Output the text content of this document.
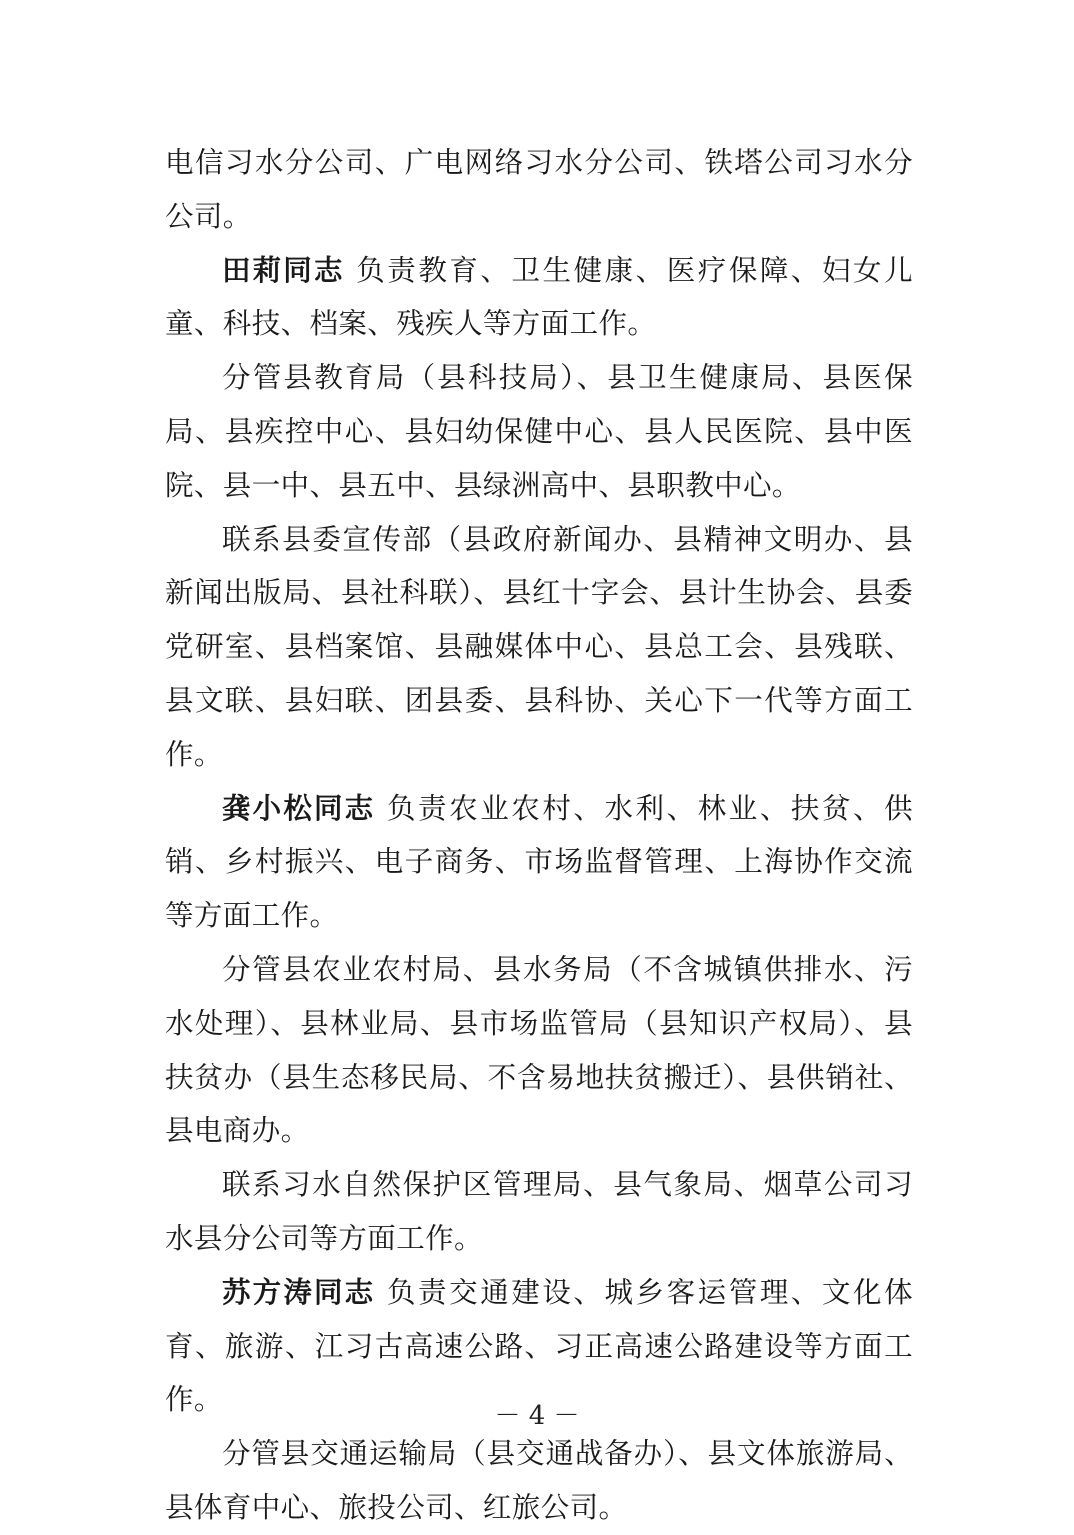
电信习水分公司、广电网络习水分公司、铁塔公司习水分公司。

田莉同志 负责教育、卫生健康、医疗保障、妇女儿童、科技、档案、残疾人等方面工作。

分管县教育局（县科技局）、县卫生健康局、县医保局、县疾控中心、县妇幼保健中心、县人民医院、县中医院、县一中、县五中、县绿洲高中、县职教中心。

联系县委宣传部（县政府新闻办、县精神文明办、县新闻出版局、县社科联）、县红十字会、县计生协会、县委党研室、县档案馆、县融媒体中心、县总工会、县残联、县文联、县妇联、团县委、县科协、关心下一代等方面工作。

龚小松同志 负责农业农村、水利、林业、扶贫、供销、乡村振兴、电子商务、市场监督管理、上海协作交流等方面工作。

分管县农业农村局、县水务局（不含城镇供排水、污水处理）、县林业局、县市场监管局（县知识产权局）、县扶贫办（县生态移民局、不含易地扶贫搬迁）、县供销社、县电商办。

联系习水自然保护区管理局、县气象局、烟草公司习水县分公司等方面工作。

苏方涛同志 负责交通建设、城乡客运管理、文化体育、旅游、江习古高速公路、习正高速公路建设等方面工作。

分管县交通运输局（县交通战备办）、县文体旅游局、县体育中心、旅投公司、红旅公司。

－ 4 －
